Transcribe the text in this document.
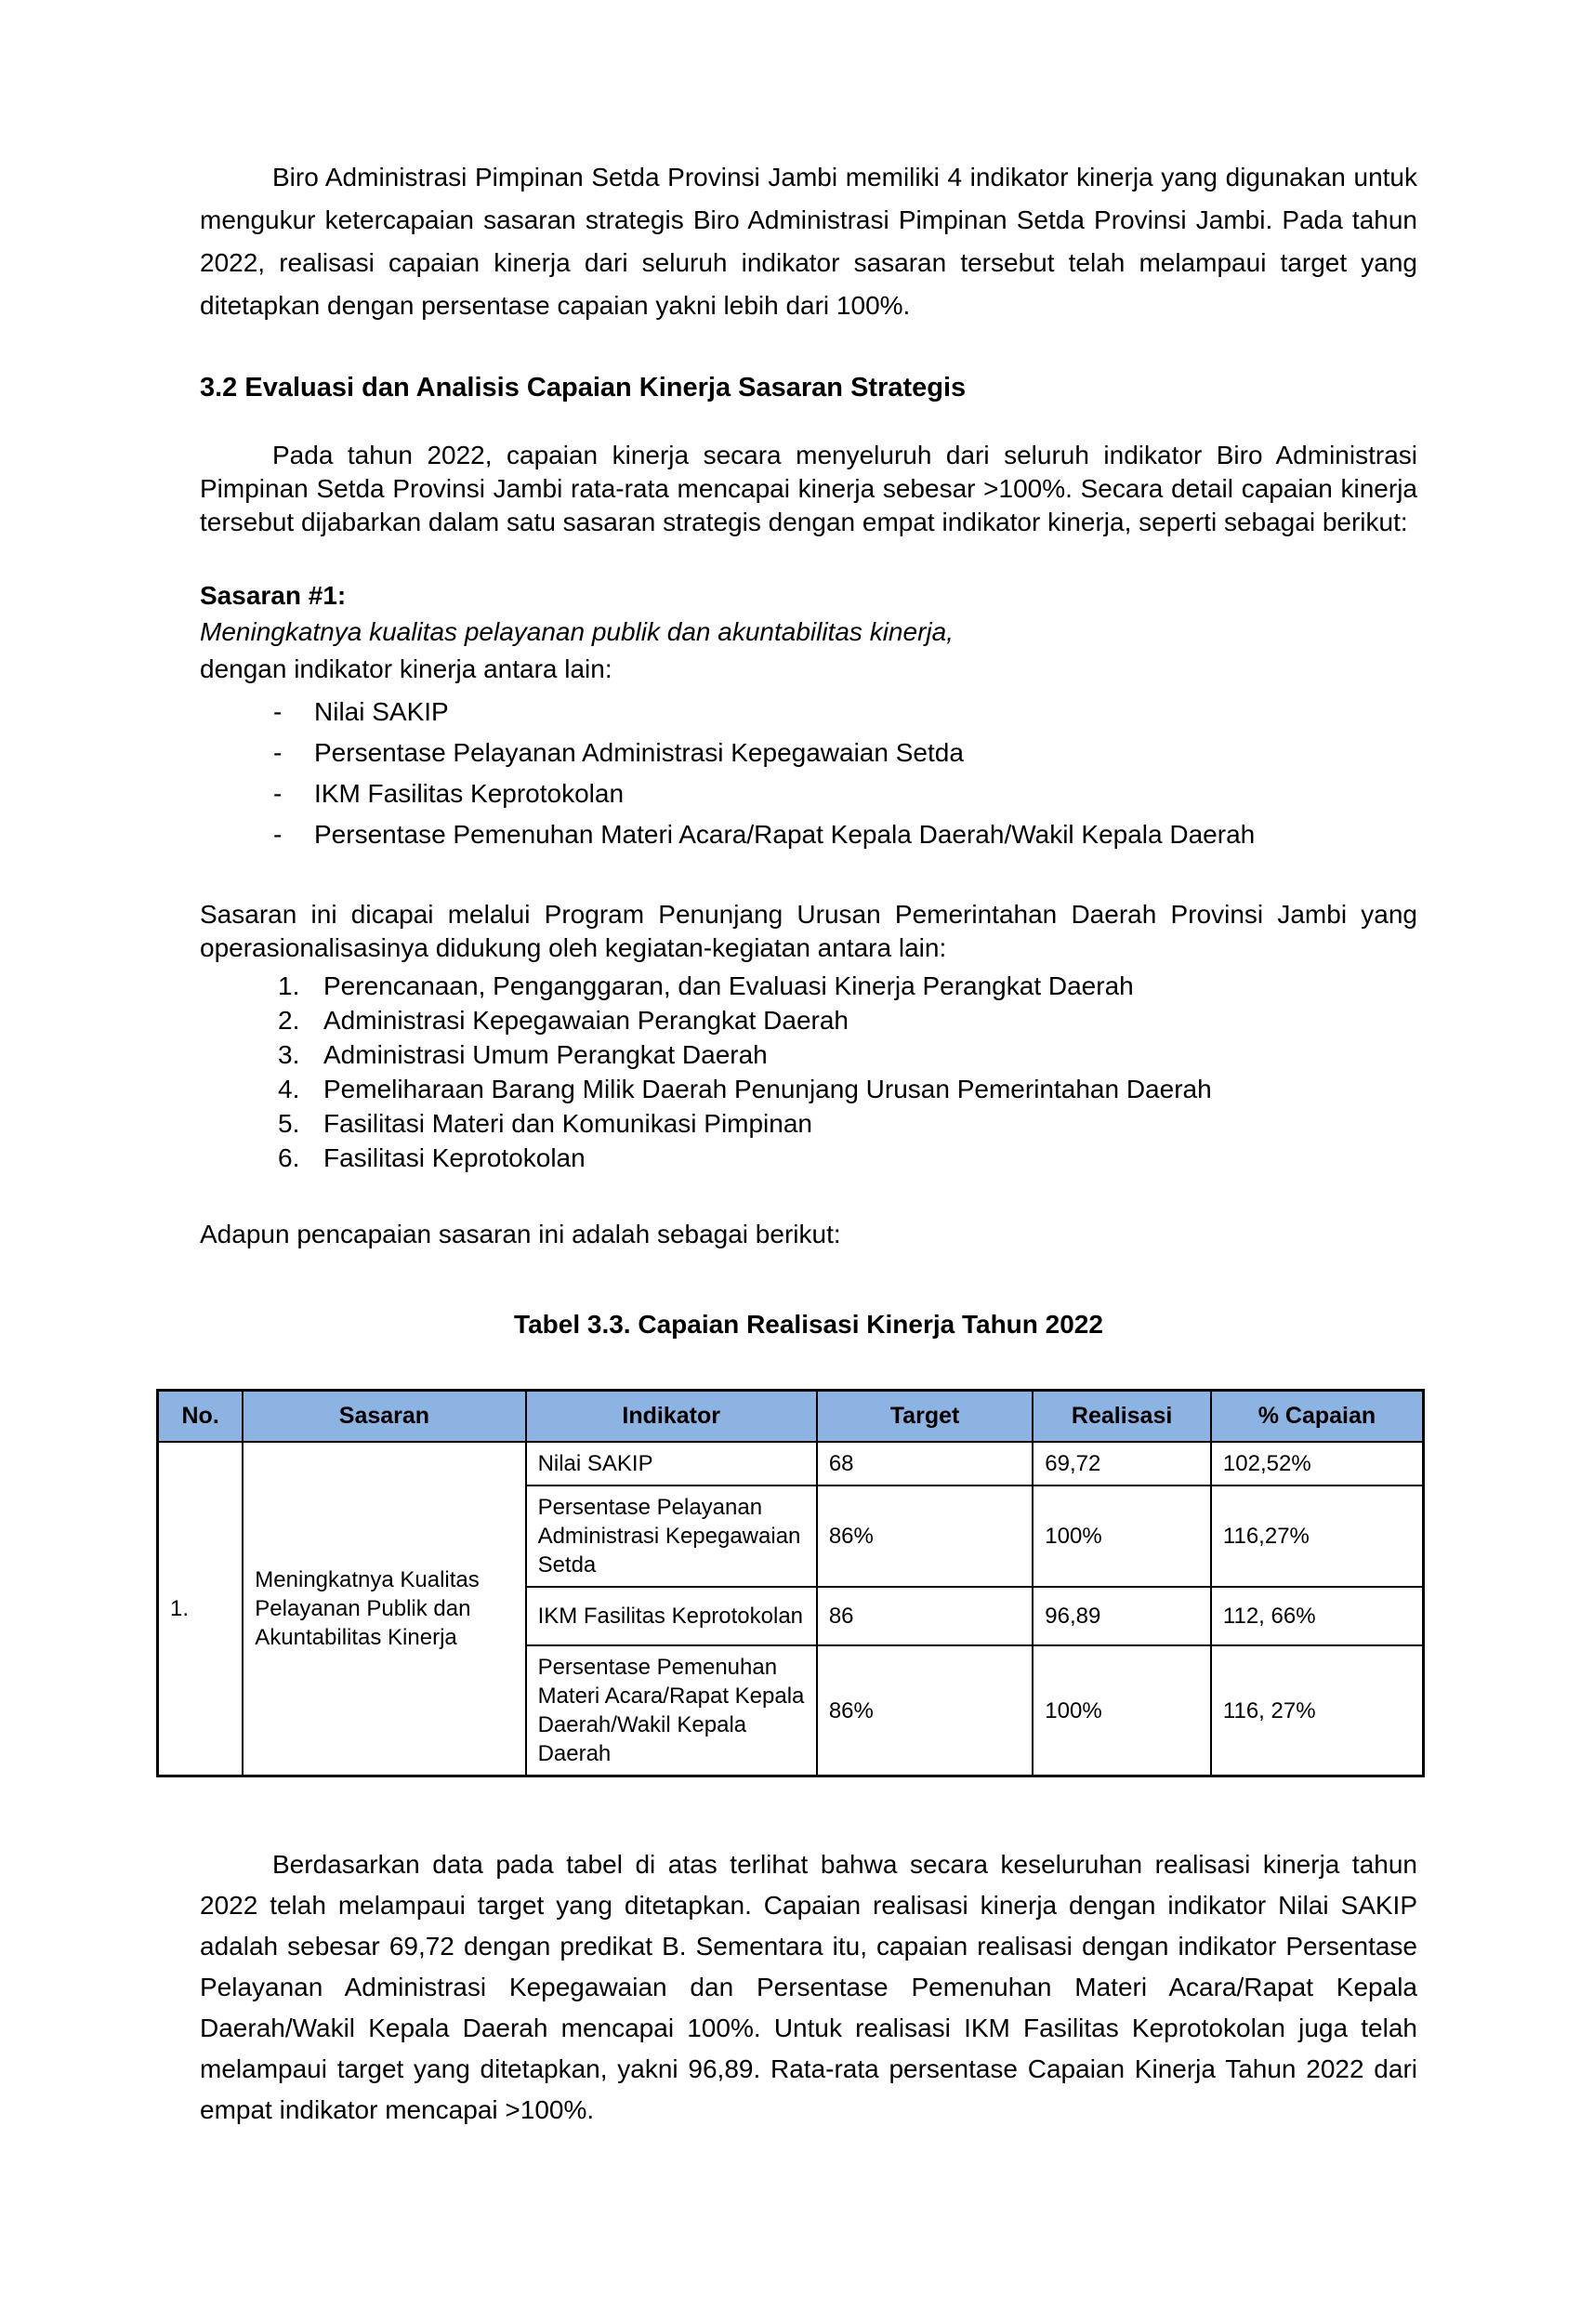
Biro Administrasi Pimpinan Setda Provinsi Jambi memiliki 4 indikator kinerja yang digunakan untuk mengukur ketercapaian sasaran strategis Biro Administrasi Pimpinan Setda Provinsi Jambi. Pada tahun 2022, realisasi capaian kinerja dari seluruh indikator sasaran tersebut telah melampaui target yang ditetapkan dengan persentase capaian yakni lebih dari 100%.

3.2 Evaluasi dan Analisis Capaian Kinerja Sasaran Strategis

Pada tahun 2022, capaian kinerja secara menyeluruh dari seluruh indikator Biro Administrasi Pimpinan Setda Provinsi Jambi rata-rata mencapai kinerja sebesar >100%. Secara detail capaian kinerja tersebut dijabarkan dalam satu sasaran strategis dengan empat indikator kinerja, seperti sebagai berikut:

Sasaran #1:

Meningkatnya kualitas pelayanan publik dan akuntabilitas kinerja,

dengan indikator kinerja antara lain:

- Nilai SAKIP
- Persentase Pelayanan Administrasi Kepegawaian Setda
- IKM Fasilitas Keprotokolan
- Persentase Pemenuhan Materi Acara/Rapat Kepala Daerah/Wakil Kepala Daerah

Sasaran ini dicapai melalui Program Penunjang Urusan Pemerintahan Daerah Provinsi Jambi yang operasionalisasinya didukung oleh kegiatan-kegiatan antara lain:

1. Perencanaan, Penganggaran, dan Evaluasi Kinerja Perangkat Daerah
2. Administrasi Kepegawaian Perangkat Daerah
3. Administrasi Umum Perangkat Daerah
4. Pemeliharaan Barang Milik Daerah Penunjang Urusan Pemerintahan Daerah
5. Fasilitasi Materi dan Komunikasi Pimpinan
6. Fasilitasi Keprotokolan

Adapun pencapaian sasaran ini adalah sebagai berikut:

Tabel 3.3. Capaian Realisasi Kinerja Tahun 2022

No.	Sasaran	Indikator	Target	Realisasi	% Capaian
1.	Meningkatnya Kualitas Pelayanan Publik dan Akuntabilitas Kinerja	Nilai SAKIP	68	69,72	102,52%
		Persentase Pelayanan Administrasi Kepegawaian Setda	86%	100%	116,27%
		IKM Fasilitas Keprotokolan	86	96,89	112, 66%
		Persentase Pemenuhan Materi Acara/Rapat Kepala Daerah/Wakil Kepala Daerah	86%	100%	116, 27%

Berdasarkan data pada tabel di atas terlihat bahwa secara keseluruhan realisasi kinerja tahun 2022 telah melampaui target yang ditetapkan. Capaian realisasi kinerja dengan indikator Nilai SAKIP adalah sebesar 69,72 dengan predikat B. Sementara itu, capaian realisasi dengan indikator Persentase Pelayanan Administrasi Kepegawaian dan Persentase Pemenuhan Materi Acara/Rapat Kepala Daerah/Wakil Kepala Daerah mencapai 100%. Untuk realisasi IKM Fasilitas Keprotokolan juga telah melampaui target yang ditetapkan, yakni 96,89. Rata-rata persentase Capaian Kinerja Tahun 2022 dari empat indikator mencapai >100%.
